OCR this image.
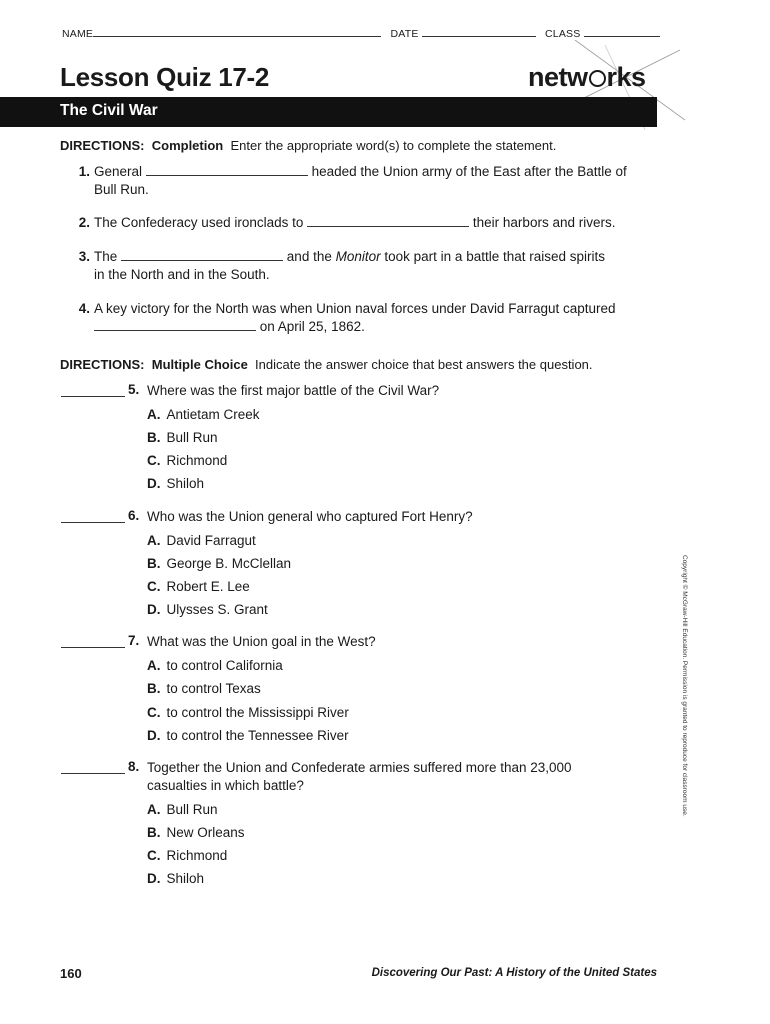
NAME	DATE	CLASS
Lesson Quiz 17-2	netw rks
The Civil War
DIRECTIONS: Completion Enter the appropriate word(s) to complete the statement.
1. General	headed the Union army of the East after the Battle of
Bull Run.
2. The Confederacy used ironclads to	their harbors and rivers.
3. The	and the Monitor took part in a battle that raised spirits
in the North and in the South.
4. A key victory for the North was when Union naval forces under David Farragut captured
on April 25, 1862.
DIRECTIONS: Multiple Choice Indicate the answer choice that best answers the question.
5. Where was the first major battle of the Civil War?
A. Antietam Creek
B. Bull Run
C. Richmond
D. Shiloh
6. Who was the Union general who captured Fort Henry?
A. David Farragut
B. George B. McClellan
C. Robert E. Lee
D. Ulysses S. Grant
7. What was the Union goal in the West?
A. to control California
B. to control Texas
C. to control the Mississippi River
D. to control the Tennessee River
8. Together the Union and Confederate armies suffered more than 23,000
casualties in which battle?
A. Bull Run
B. New Orleans
C. Richmond
D. Shiloh
Copyright © McGraw-Hill Education. Permission is granted to reproduce for classroom use.
160	Discovering Our Past: A History of the United States
